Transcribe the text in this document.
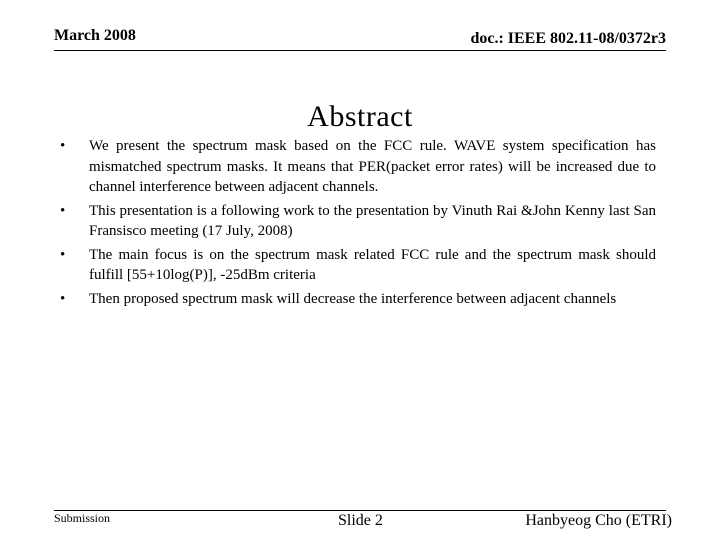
March 2008	doc.: IEEE 802.11-08/0372r3
Abstract
• We present the spectrum mask based on the FCC rule. WAVE system specification has mismatched spectrum masks. It means that PER(packet error rates) will be increased due to channel interference between adjacent channels.
• This presentation is a following work to the presentation by Vinuth Rai &John Kenny last San Fransisco meeting (17 July, 2008)
• The main focus is on the spectrum mask related FCC rule and the spectrum mask should fulfill [55+10log(P)], -25dBm criteria
• Then proposed spectrum mask will decrease the interference between adjacent channels
Submission	Slide 2	Hanbyeog Cho (ETRI)
